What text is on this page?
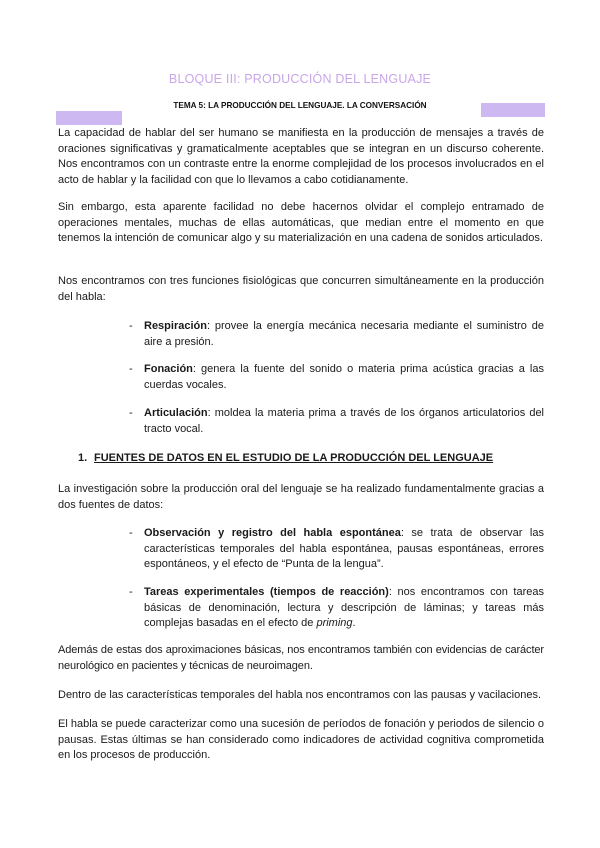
BLOQUE III: PRODUCCIÓN DEL LENGUAJE
TEMA 5: LA PRODUCCIÓN DEL LENGUAJE. LA CONVERSACIÓN

La capacidad de hablar del ser humano se manifiesta en la producción de mensajes a través de oraciones significativas y gramaticalmente aceptables que se integran en un discurso coherente. Nos encontramos con un contraste entre la enorme complejidad de los procesos involucrados en el acto de hablar y la facilidad con que lo llevamos a cabo cotidianamente.

Sin embargo, esta aparente facilidad no debe hacernos olvidar el complejo entramado de operaciones mentales, muchas de ellas automáticas, que median entre el momento en que tenemos la intención de comunicar algo y su materialización en una cadena de sonidos articulados.

Nos encontramos con tres funciones fisiológicas que concurren simultáneamente en la producción del habla:

- Respiración: provee la energía mecánica necesaria mediante el suministro de aire a presión.

- Fonación: genera la fuente del sonido o materia prima acústica gracias a las cuerdas vocales.

- Articulación: moldea la materia prima a través de los órganos articulatorios del tracto vocal.

1. FUENTES DE DATOS EN EL ESTUDIO DE LA PRODUCCIÓN DEL LENGUAJE

La investigación sobre la producción oral del lenguaje se ha realizado fundamentalmente gracias a dos fuentes de datos:

- Observación y registro del habla espontánea: se trata de observar las características temporales del habla espontánea, pausas espontáneas, errores espontáneos, y el efecto de “Punta de la lengua”.

- Tareas experimentales (tiempos de reacción): nos encontramos con tareas básicas de denominación, lectura y descripción de láminas; y tareas más complejas basadas en el efecto de priming.

Además de estas dos aproximaciones básicas, nos encontramos también con evidencias de carácter neurológico en pacientes y técnicas de neuroimagen.

Dentro de las características temporales del habla nos encontramos con las pausas y vacilaciones.

El habla se puede caracterizar como una sucesión de períodos de fonación y periodos de silencio o pausas. Estas últimas se han considerado como indicadores de actividad cognitiva comprometida en los procesos de producción.
